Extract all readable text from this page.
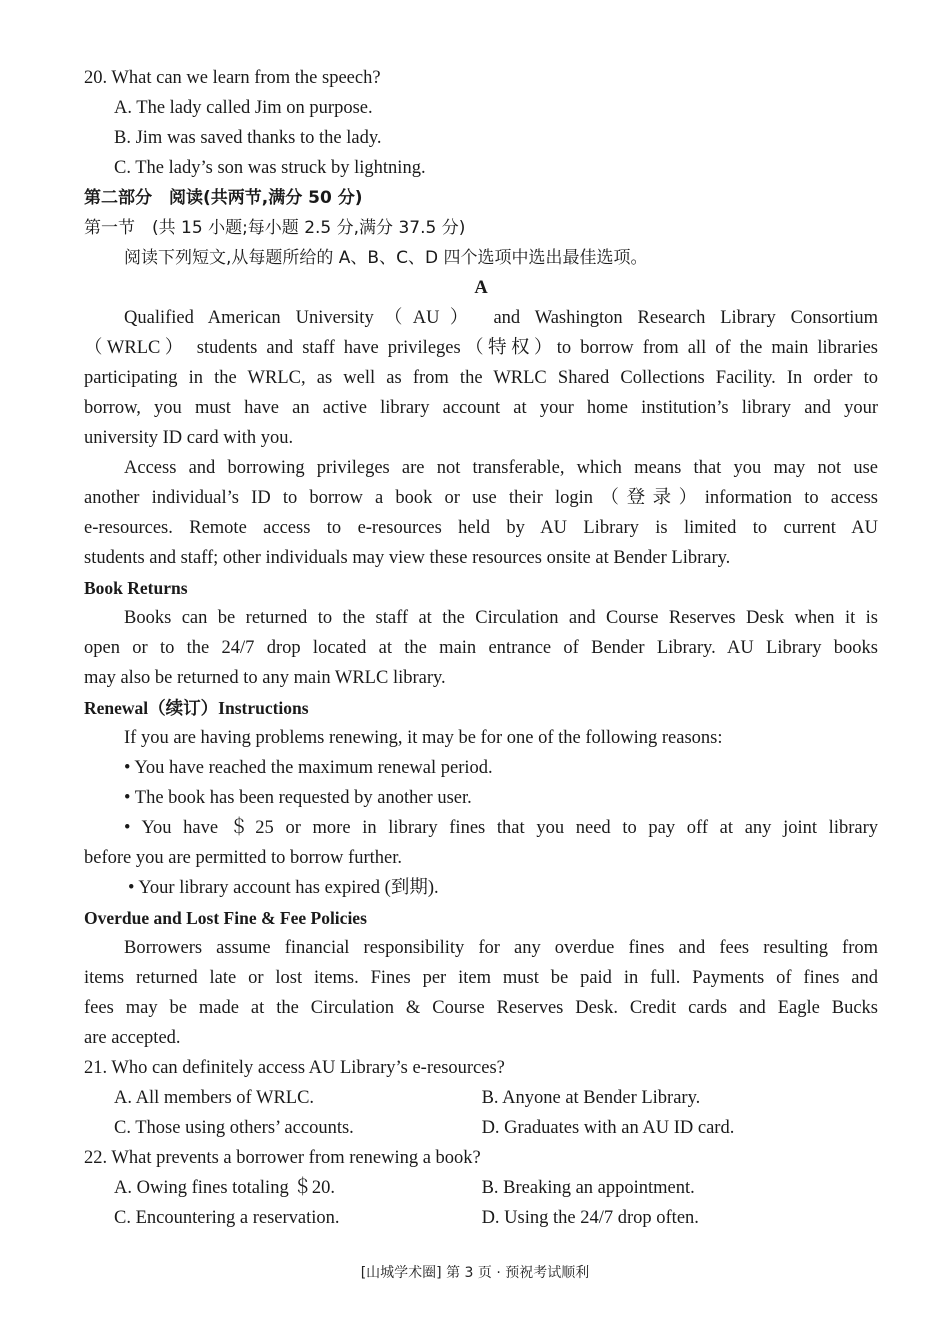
20. What can we learn from the speech?
A. The lady called Jim on purpose.
B. Jim was saved thanks to the lady.
C. The lady’s son was struck by lightning.
第二部分　阅读(共两节,满分 50 分)
第一节　(共 15 小题;每小题 2.5 分,满分 37.5 分)
阅读下列短文,从每题所给的 A、B、C、D 四个选项中选出最佳选项。
A
Qualified American University（AU） and Washington Research Library Consortium
（WRLC） students and staff have privileges（特权）to borrow from all of the main libraries
participating in the WRLC, as well as from the WRLC Shared Collections Facility. In order to
borrow, you must have an active library account at your home institution’s library and your
university ID card with you.
Access and borrowing privileges are not transferable, which means that you may not use
another individual’s ID to borrow a book or use their login（登录）information to access
e-resources. Remote access to e-resources held by AU Library is limited to current AU
students and staff; other individuals may view these resources onsite at Bender Library.
Book Returns
Books can be returned to the staff at the Circulation and Course Reserves Desk when it is
open or to the 24/7 drop located at the main entrance of Bender Library. AU Library books
may also be returned to any main WRLC library.
Renewal（续订）Instructions
If you are having problems renewing, it may be for one of the following reasons:
• You have reached the maximum renewal period.
• The book has been requested by another user.
• You have ＄25 or more in library fines that you need to pay off at any joint library
before you are permitted to borrow further.
• Your library account has expired (到期).
Overdue and Lost Fine & Fee Policies
Borrowers assume financial responsibility for any overdue fines and fees resulting from
items returned late or lost items. Fines per item must be paid in full. Payments of fines and
fees may be made at the Circulation & Course Reserves Desk. Credit cards and Eagle Bucks
are accepted.
21. Who can definitely access AU Library’s e-resources?
A. All members of WRLC.	B. Anyone at Bender Library.
C. Those using others’ accounts.	D. Graduates with an AU ID card.
22. What prevents a borrower from renewing a book?
A. Owing fines totaling ＄20.	B. Breaking an appointment.
C. Encountering a reservation.	D. Using the 24/7 drop often.
[山城学术圈] 第 3 页 · 预祝考试顺利
